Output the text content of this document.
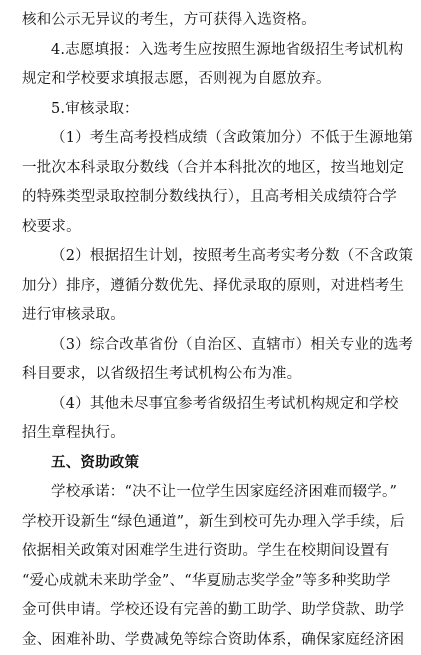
核和公示无异议的考生，方可获得入选资格。
4.志愿填报：入选考生应按照生源地省级招生考试机构
规定和学校要求填报志愿，否则视为自愿放弃。
5.审核录取：
（1）考生高考投档成绩（含政策加分）不低于生源地第
一批次本科录取分数线（合并本科批次的地区，按当地划定
的特殊类型录取控制分数线执行），且高考相关成绩符合学
校要求。
（2）根据招生计划，按照考生高考实考分数（不含政策
加分）排序，遵循分数优先、择优录取的原则，对进档考生
进行审核录取。
（3）综合改革省份（自治区、直辖市）相关专业的选考
科目要求，以省级招生考试机构公布为准。
（4）其他未尽事宜参考省级招生考试机构规定和学校
招生章程执行。
五、资助政策
学校承诺：“决不让一位学生因家庭经济困难而辍学。”
学校开设新生“绿色通道”，新生到校可先办理入学手续，后
依据相关政策对困难学生进行资助。学生在校期间设置有
“爱心成就未来助学金”、“华夏励志奖学金”等多种奖助学
金可供申请。学校还设有完善的勤工助学、助学贷款、助学
金、困难补助、学费减免等综合资助体系，确保家庭经济困
